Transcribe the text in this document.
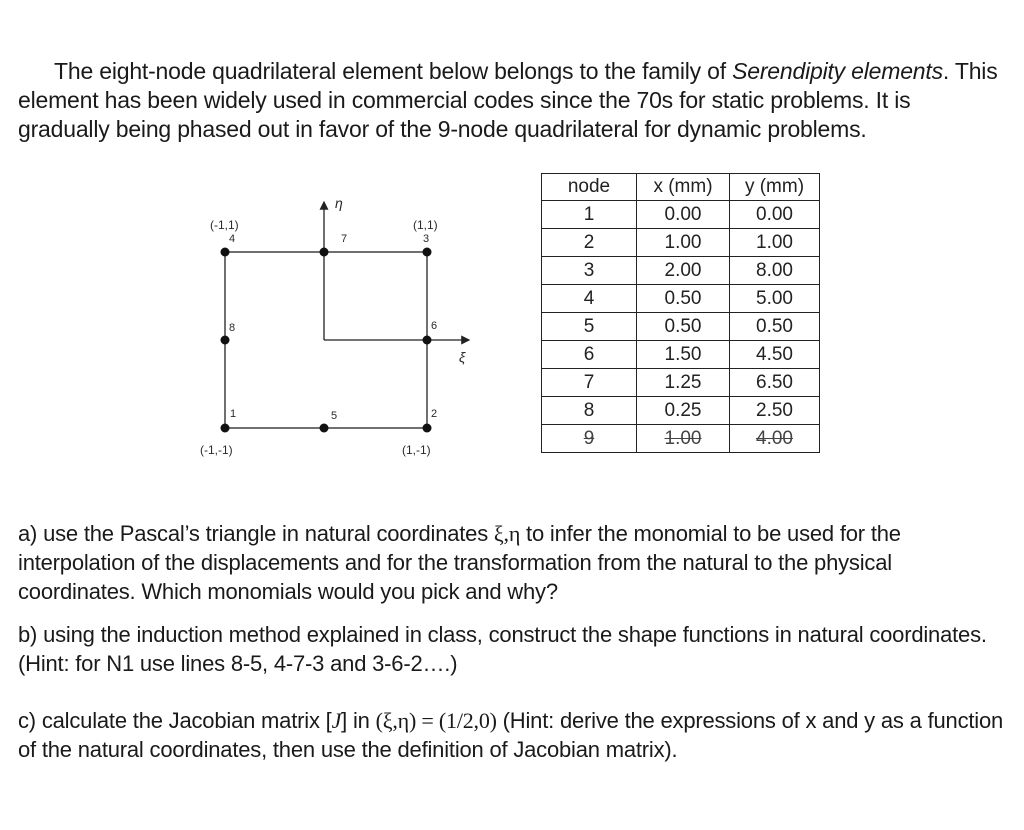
The eight-node quadrilateral element below belongs to the family of Serendipity elements. This element has been widely used in commercial codes since the 70s for static problems. It is gradually being phased out in favor of the 9-node quadrilateral for dynamic problems.

η
ξ
1	2
3
4
5
6
7
8
(-1,1)	(1,1)
(-1,-1)	(1,-1)
node	x (mm)	y (mm)
1	0.00	0.00
2	1.00	1.00
3	2.00	8.00
4	0.50	5.00
5	0.50	0.50
6	1.50	4.50
7	1.25	6.50
8	0.25	2.50
9	1.00	4.00

a) use the Pascal’s triangle in natural coordinates ξ,η to infer the monomial to be used for the interpolation of the displacements and for the transformation from the natural to the physical coordinates. Which monomials would you pick and why?

b) using the induction method explained in class, construct the shape functions in natural coordinates. (Hint: for N1 use lines 8-5, 4-7-3 and 3-6-2….)

c) calculate the Jacobian matrix [J] in (ξ,η) = (1/2,0) (Hint: derive the expressions of x and y as a function of the natural coordinates, then use the definition of Jacobian matrix).
